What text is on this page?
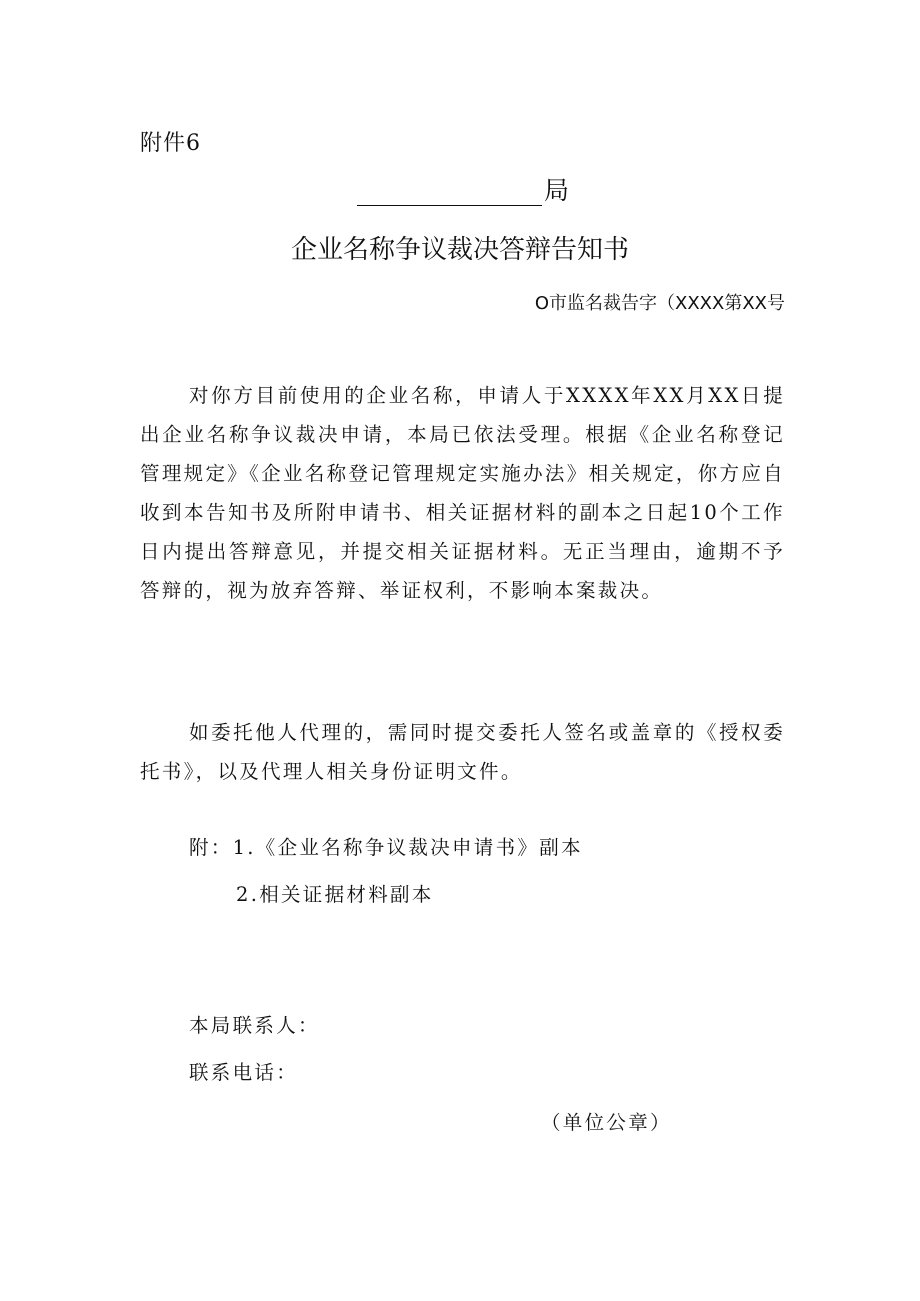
附件6
局
企业名称争议裁决答辩告知书
O市监名裁告字（XXXX第XX号

对你方目前使用的企业名称，申请人于XXXX年XX月XX日提出企业名称争议裁决申请，本局已依法受理。根据《企业名称登记管理规定》《企业名称登记管理规定实施办法》相关规定，你方应自收到本告知书及所附申请书、相关证据材料的副本之日起10个工作日内提出答辩意见，并提交相关证据材料。无正当理由，逾期不予答辩的，视为放弃答辩、举证权利，不影响本案裁决。

如委托他人代理的，需同时提交委托人签名或盖章的《授权委托书》，以及代理人相关身份证明文件。

附：1.《企业名称争议裁决申请书》副本
2.相关证据材料副本
本局联系人：
联系电话：
（单位公章）
